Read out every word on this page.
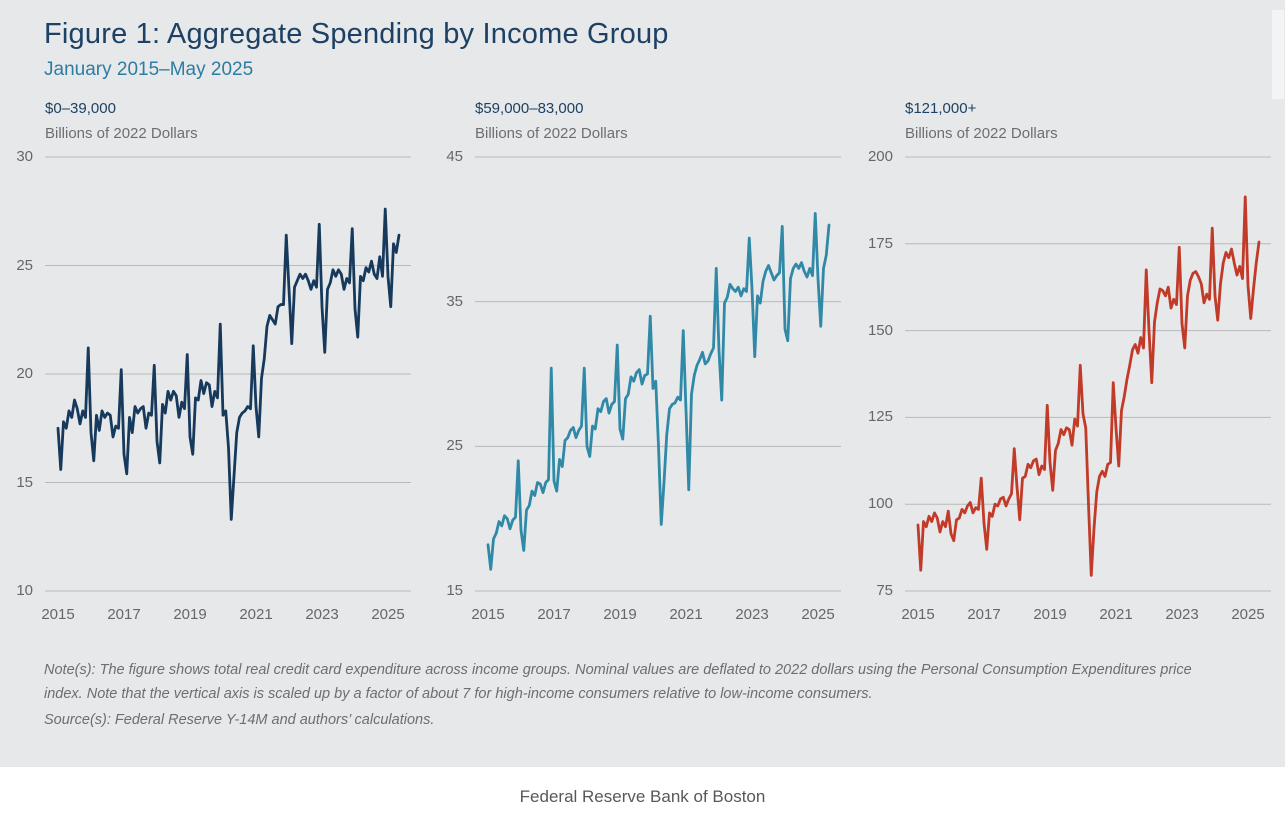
Figure 1: Aggregate Spending by Income Group
January 2015–May 2025
$0–39,000
Billions of 2022 Dollars
30
25
20
15
10
2015	2017	2019	2021	2023	2025
$59,000–83,000
Billions of 2022 Dollars
45
35
25
15
2015	2017	2019	2021	2023	2025
$121,000+
Billions of 2022 Dollars
200
175
150
125
100
75
2015	2017	2019	2021	2023	2025
Note(s): The figure shows total real credit card expenditure across income groups. Nominal values are deflated to 2022 dollars using the Personal Consumption Expenditures price index. Note that the vertical axis is scaled up by a factor of about 7 for high-income consumers relative to low-income consumers.
Source(s): Federal Reserve Y-14M and authors’ calculations.
Federal Reserve Bank of Boston
